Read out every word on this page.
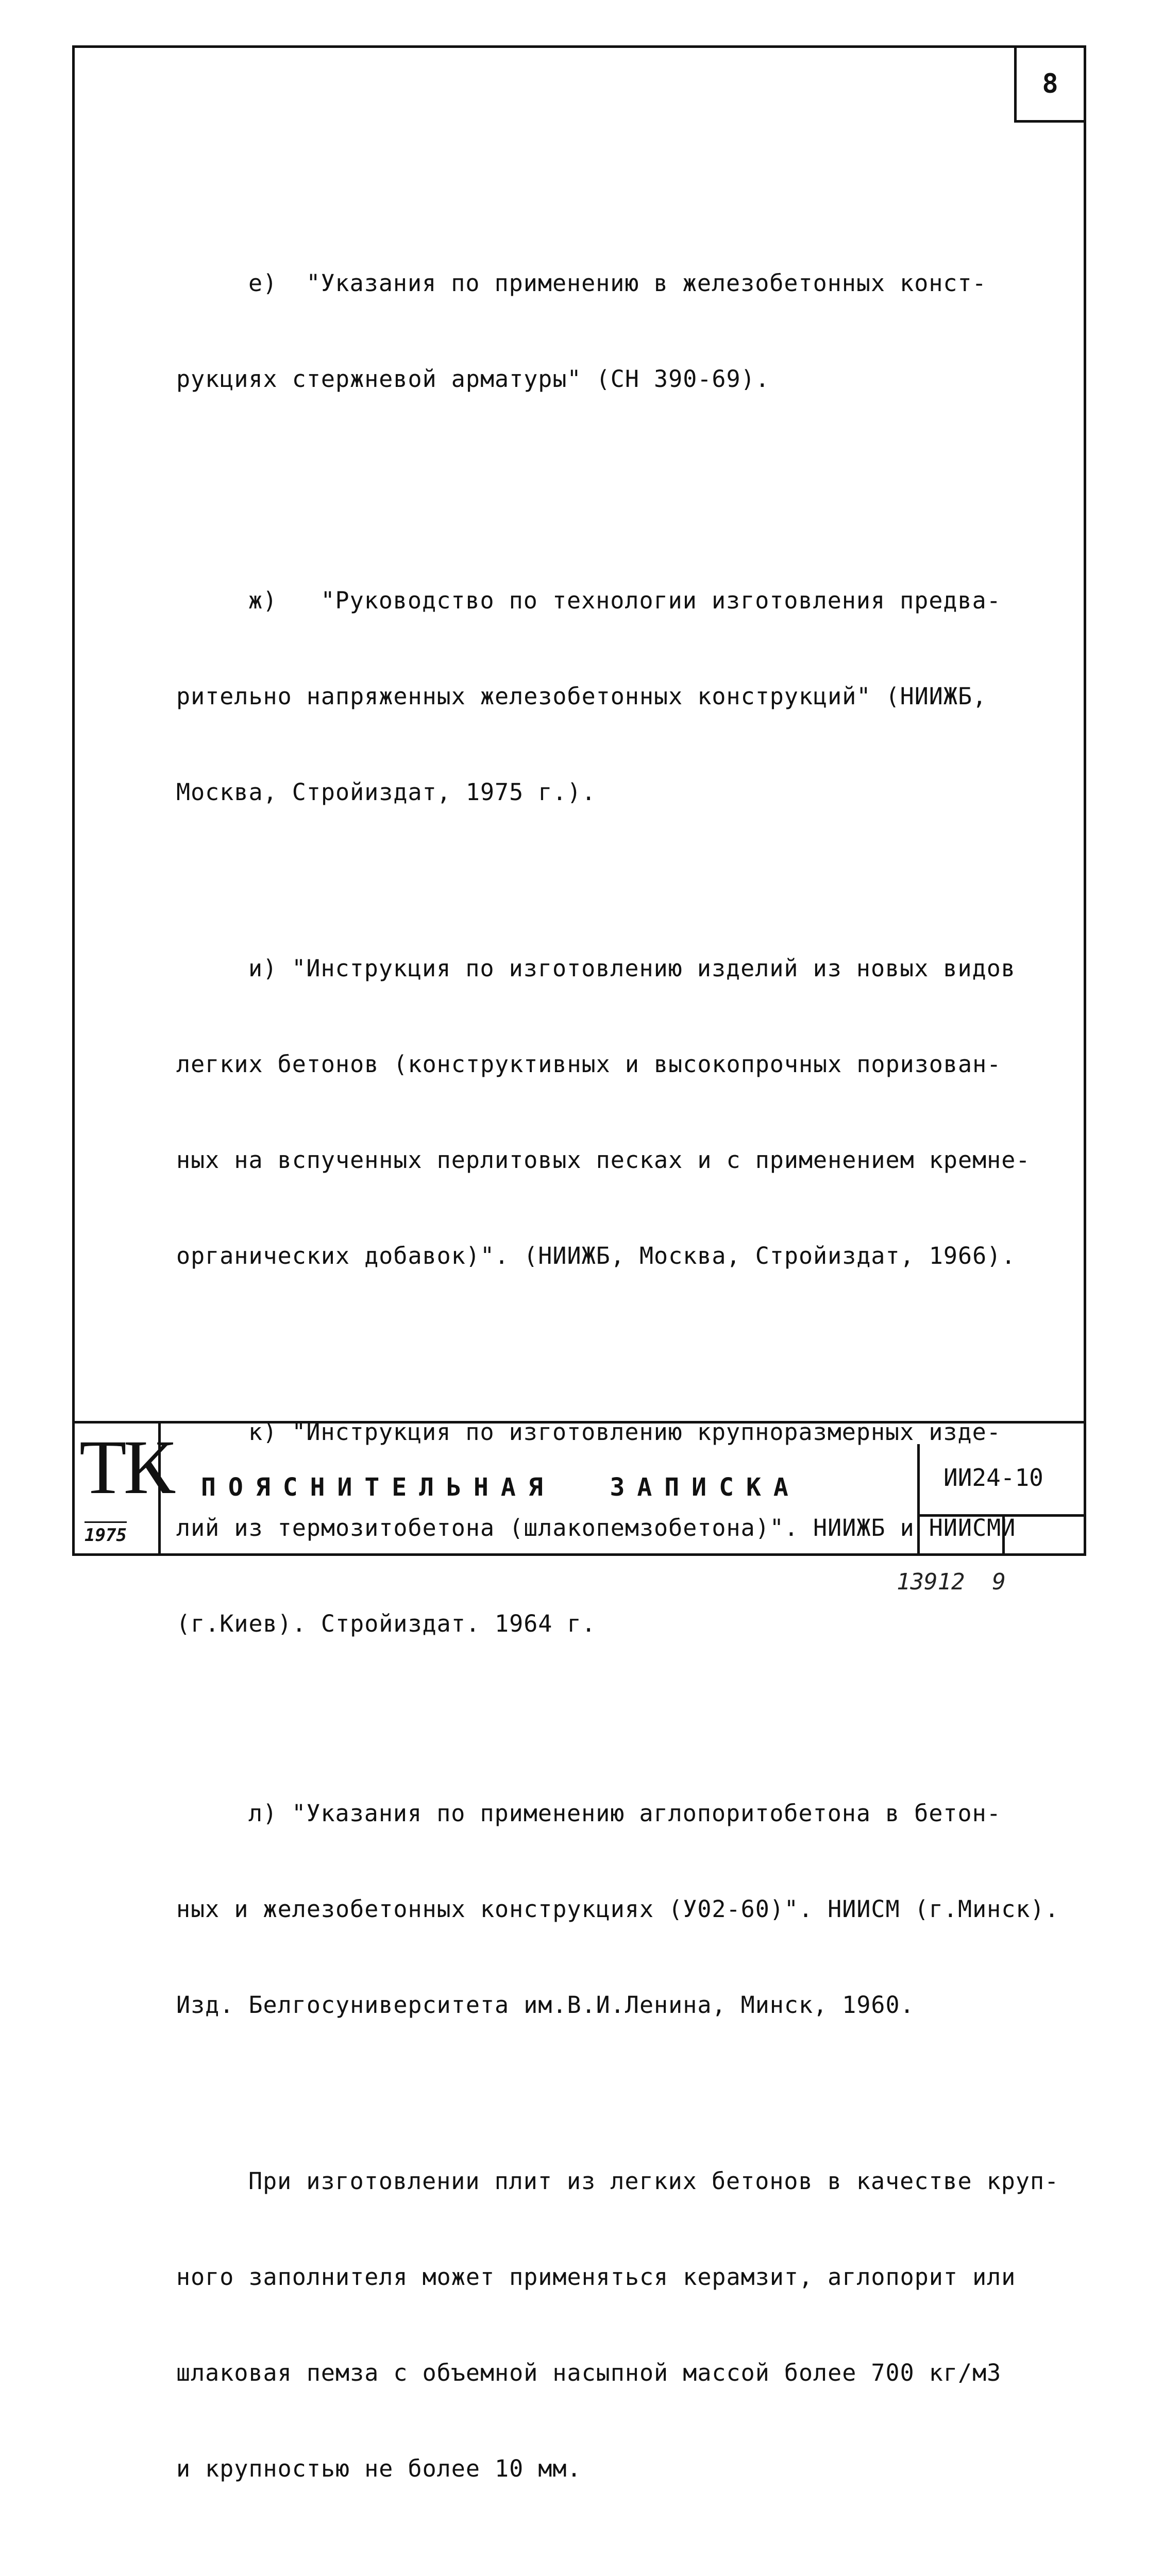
8

е)  "Указания по применению в железобетонных конст-

рукциях стержневой арматуры" (СН 390-69).

ж)   "Руководство по технологии изготовления предва-

рительно напряженных железобетонных конструкций" (НИИЖБ,

Москва, Стройиздат, 1975 г.).

и) "Инструкция по изготовлению изделий из новых видов

легких бетонов (конструктивных и высокопрочных поризован-

ных на вспученных перлитовых песках и с применением кремне-

органических добавок)". (НИИЖБ, Москва, Стройиздат, 1966).

к) "Инструкция по изготовлению крупноразмерных изде-

лий из термозитобетона (шлакопемзобетона)". НИИЖБ и НИИСМИ

(г.Киев). Стройиздат. 1964 г.

л) "Указания по применению аглопоритобетона в бетон-

ных и железобетонных конструкциях (У02-60)". НИИСМ (г.Минск).

Изд. Белгосуниверситета им.В.И.Ленина, Минск, 1960.

При изготовлении плит из легких бетонов в качестве круп-

ного заполнителя может применяться керамзит, аглопорит или

шлаковая пемза с объемной насыпной массой более 700 кг/м3

и крупностью не более 10 мм.

ТК
1975
ПОЯСНИТЕЛЬНАЯ  ЗАПИСКА	ИИ24-10
13912  9
